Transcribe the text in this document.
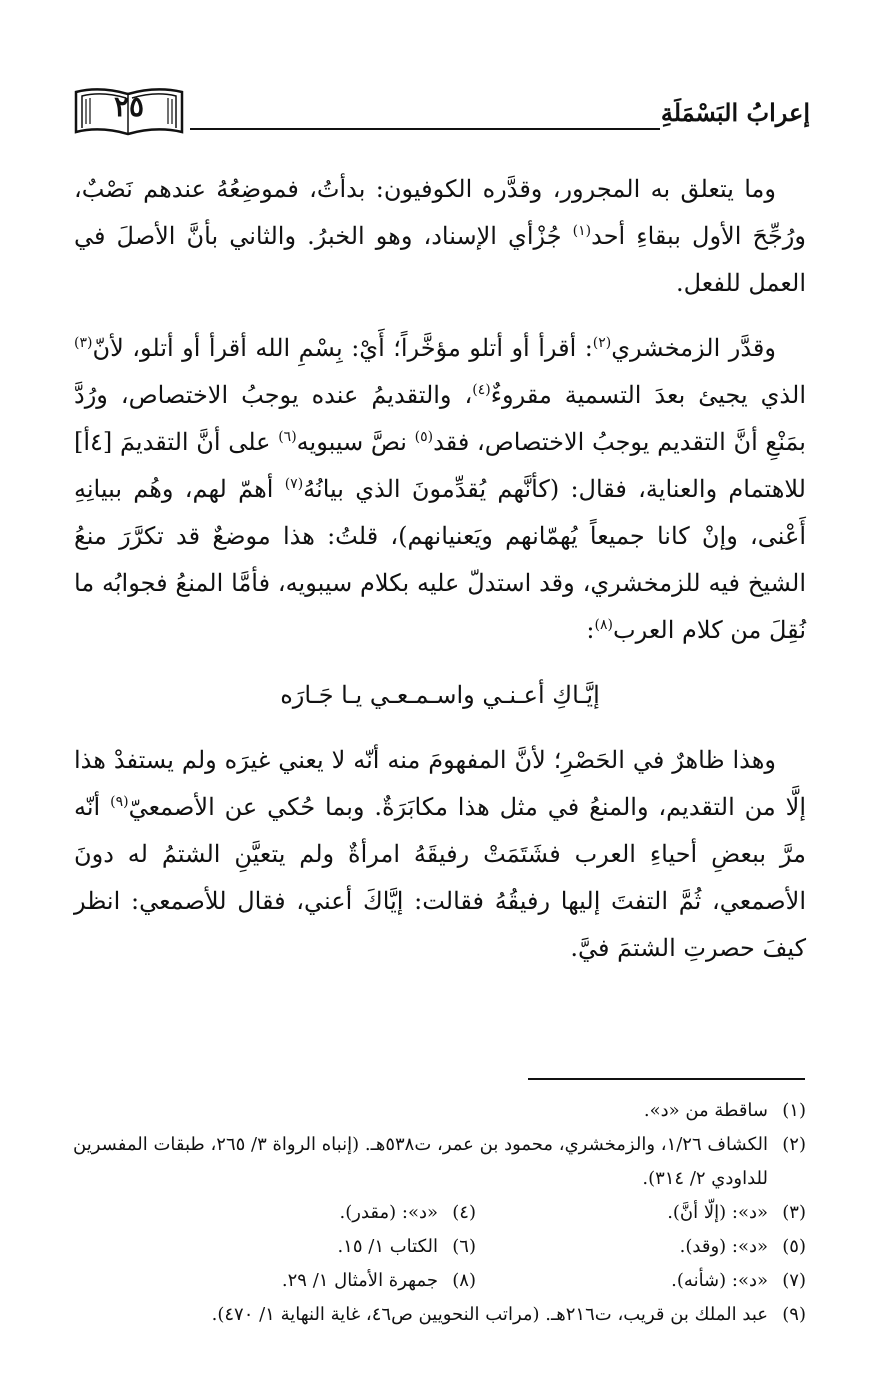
إعرابُ البَسْمَلَةِ
٢٥

وما يتعلق به المجرور، وقدَّره الكوفيون: بدأتُ، فموضِعُهُ عندهم نَصْبٌ، ورُجِّحَ الأول ببقاءِ أحد$^{(١)}$ جُزْأي الإسناد، وهو الخبرُ. والثاني بأنَّ الأصلَ في العمل للفعل.

وقدَّر الزمخشري$^{(٢)}$: أقرأ أو أتلو مؤخَّراً؛ أَيْ: بِسْمِ الله أقرأ أو أتلو، لأنّ$^{(٣)}$ الذي يجيئ بعدَ التسمية مقروءٌ$^{(٤)}$، والتقديمُ عنده يوجبُ الاختصاص، ورُدَّ بمَنْعِ أنَّ التقديم يوجبُ الاختصاص، فقد$^{(٥)}$ نصَّ سيبويه$^{(٦)}$ على أنَّ التقديمَ [٤أ] للاهتمام والعناية، فقال: (كأنَّهم يُقدِّمونَ الذي بيانُهُ$^{(٧)}$ أهمّ لهم، وهُم ببيانِهِ أَعْنى، وإنْ كانا جميعاً يُهمّانهم ويَعنيانهم)، قلتُ: هذا موضعٌ قد تكرَّرَ منعُ الشيخ فيه للزمخشري، وقد استدلّ عليه بكلام سيبويه، فأمَّا المنعُ فجوابُه ما نُقِلَ من كلام العرب$^{(٨)}$:

إيَّـاكِ أعـنـي واسـمـعـي يـا جَـارَه

وهذا ظاهرٌ في الحَصْرِ؛ لأنَّ المفهومَ منه أنّه لا يعني غيرَه ولم يستفدْ هذا إلَّا من التقديم، والمنعُ في مثل هذا مكابَرَةٌ. وبما حُكي عن الأصمعيّ$^{(٩)}$ أنّه مرَّ ببعضِ أحياءِ العرب فشَتَمَتْ رفيقَهُ امرأةٌ ولم يتعيَّنِ الشتمُ له دونَ الأصمعي، ثُمَّ التفتَ إليها رفيقُهُ فقالت: إيَّاكَ أعني، فقال للأصمعي: انظر كيفَ حصرتِ الشتمَ فيَّ.

(١)
ساقطة من «د».
(٢)
الكشاف ١/٢٦، والزمخشري، محمود بن عمر، ت٥٣٨هـ. (إنباه الرواة ٣/ ٢٦٥، طبقات المفسرين للداودي ٢/ ٣١٤).
(٣)
«د»: (إلّا أنَّ).
(٤)
«د»: (مقدر).
(٥)
«د»: (وقد).
(٦)
الكتاب ١/ ١٥.
(٧)
«د»: (شأنه).
(٨)
جمهرة الأمثال ١/ ٢٩.
(٩)
عبد الملك بن قريب، ت٢١٦هـ. (مراتب النحويين ص٤٦، غاية النهاية ١/ ٤٧٠).
